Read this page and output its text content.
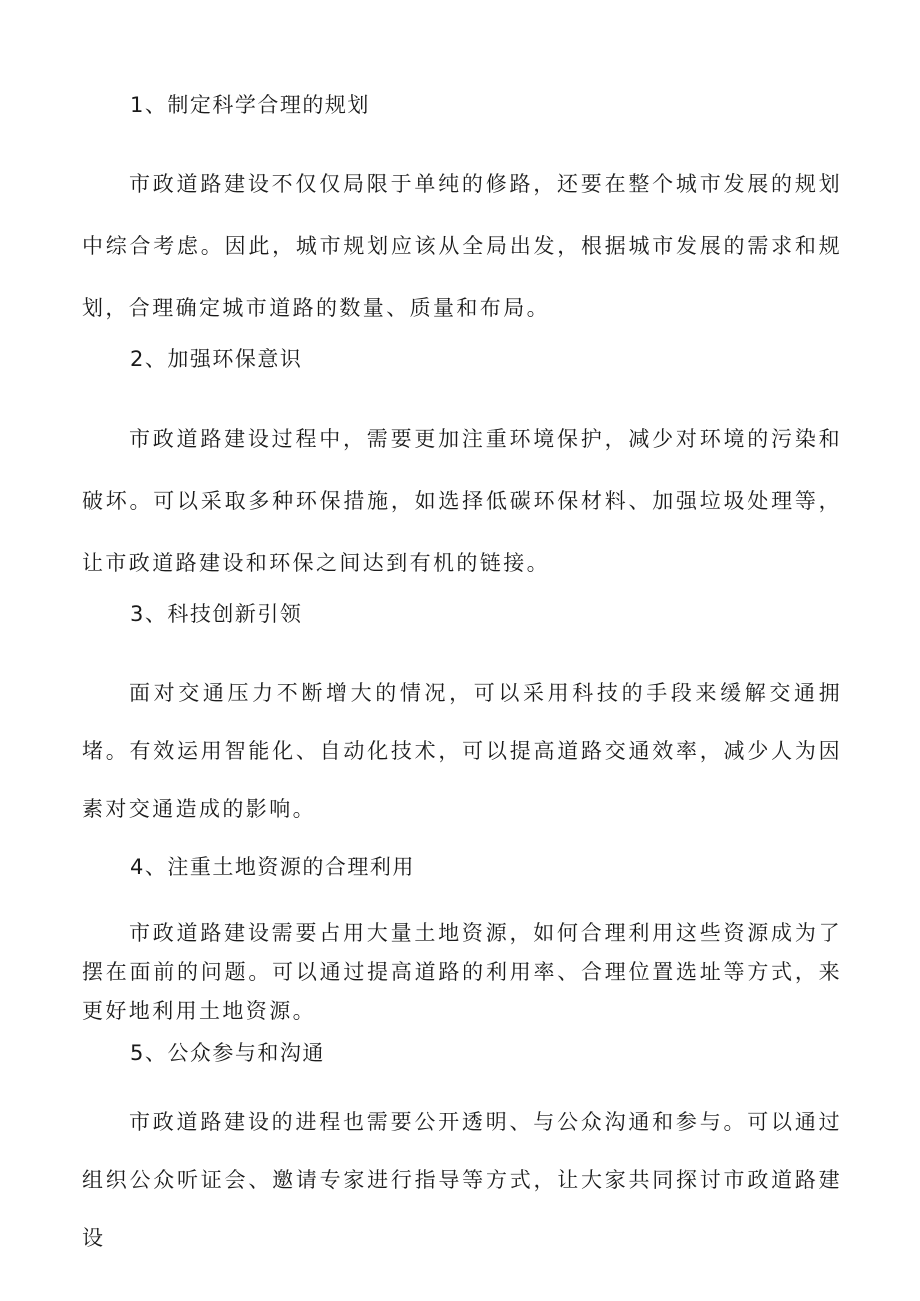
1、制定科学合理的规划

市政道路建设不仅仅局限于单纯的修路，还要在整个城市发展的规划中综合考虑。因此，城市规划应该从全局出发，根据城市发展的需求和规划，合理确定城市道路的数量、质量和布局。

2、加强环保意识

市政道路建设过程中，需要更加注重环境保护，减少对环境的污染和破坏。可以采取多种环保措施，如选择低碳环保材料、加强垃圾处理等，让市政道路建设和环保之间达到有机的链接。

3、科技创新引领

面对交通压力不断增大的情况，可以采用科技的手段来缓解交通拥堵。有效运用智能化、自动化技术，可以提高道路交通效率，减少人为因素对交通造成的影响。

4、注重土地资源的合理利用

市政道路建设需要占用大量土地资源，如何合理利用这些资源成为了摆在面前的问题。可以通过提高道路的利用率、合理位置选址等方式，来更好地利用土地资源。

5、公众参与和沟通

市政道路建设的进程也需要公开透明、与公众沟通和参与。可以通过组织公众听证会、邀请专家进行指导等方式，让大家共同探讨市政道路建设
